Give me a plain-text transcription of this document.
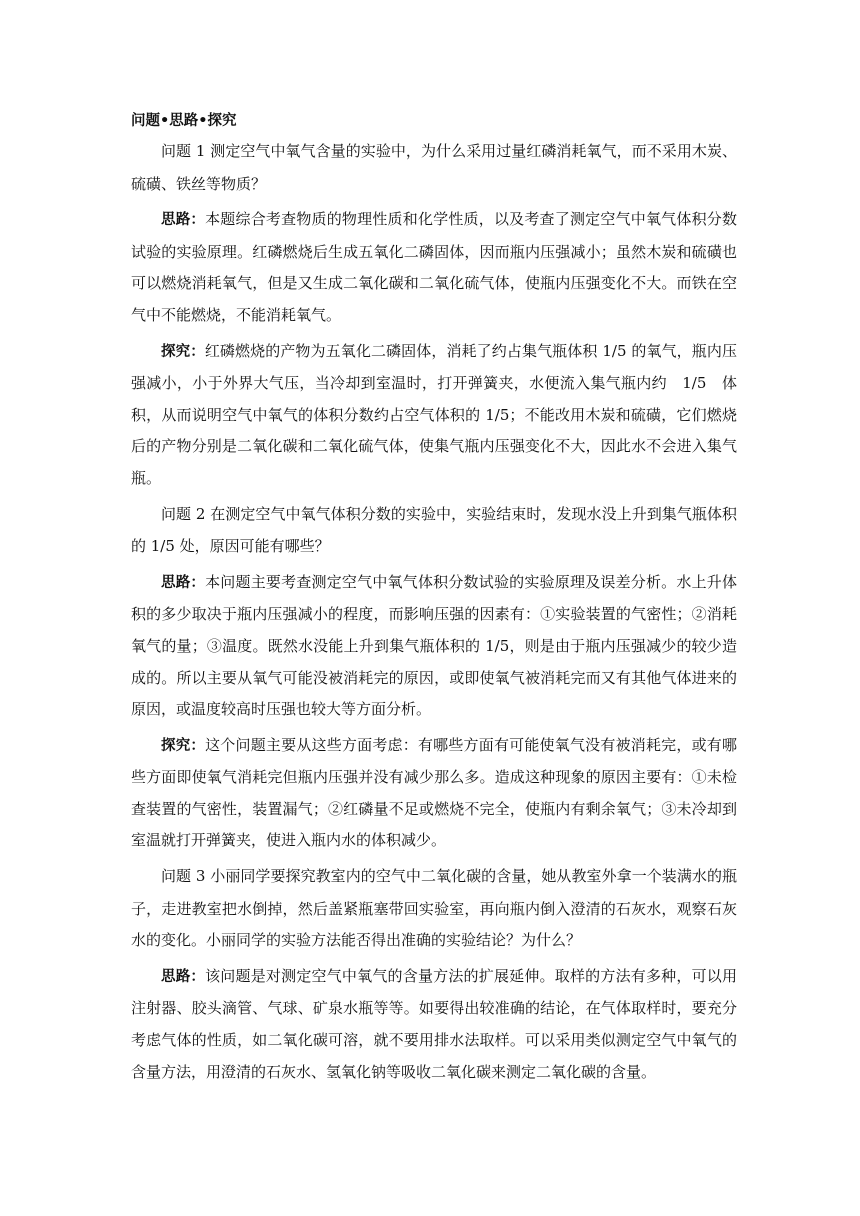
问题•思路•探究

问题 1 测定空气中氧气含量的实验中，为什么采用过量红磷消耗氧气，而不采用木炭、硫磺、铁丝等物质？

思路：本题综合考查物质的物理性质和化学性质，以及考查了测定空气中氧气体积分数试验的实验原理。红磷燃烧后生成五氧化二磷固体，因而瓶内压强减小；虽然木炭和硫磺也可以燃烧消耗氧气，但是又生成二氧化碳和二氧化硫气体，使瓶内压强变化不大。而铁在空气中不能燃烧，不能消耗氧气。

探究：红磷燃烧的产物为五氧化二磷固体，消耗了约占集气瓶体积 1/5 的氧气，瓶内压强减小，小于外界大气压，当冷却到室温时，打开弹簧夹，水便流入集气瓶内约　1/5　体积，从而说明空气中氧气的体积分数约占空气体积的 1/5；不能改用木炭和硫磺，它们燃烧后的产物分别是二氧化碳和二氧化硫气体，使集气瓶内压强变化不大，因此水不会进入集气瓶。

问题 2 在测定空气中氧气体积分数的实验中，实验结束时，发现水没上升到集气瓶体积的 1/5 处，原因可能有哪些？

思路：本问题主要考查测定空气中氧气体积分数试验的实验原理及误差分析。水上升体积的多少取决于瓶内压强减小的程度，而影响压强的因素有：①实验装置的气密性；②消耗氧气的量；③温度。既然水没能上升到集气瓶体积的 1/5，则是由于瓶内压强减少的较少造成的。所以主要从氧气可能没被消耗完的原因，或即使氧气被消耗完而又有其他气体进来的原因，或温度较高时压强也较大等方面分析。

探究：这个问题主要从这些方面考虑：有哪些方面有可能使氧气没有被消耗完，或有哪些方面即使氧气消耗完但瓶内压强并没有减少那么多。造成这种现象的原因主要有：①未检查装置的气密性，装置漏气；②红磷量不足或燃烧不完全，使瓶内有剩余氧气；③未冷却到室温就打开弹簧夹，使进入瓶内水的体积减少。

问题 3 小丽同学要探究教室内的空气中二氧化碳的含量，她从教室外拿一个装满水的瓶子，走进教室把水倒掉，然后盖紧瓶塞带回实验室，再向瓶内倒入澄清的石灰水，观察石灰水的变化。小丽同学的实验方法能否得出准确的实验结论？为什么？

思路：该问题是对测定空气中氧气的含量方法的扩展延伸。取样的方法有多种，可以用注射器、胶头滴管、气球、矿泉水瓶等等。如要得出较准确的结论，在气体取样时，要充分考虑气体的性质，如二氧化碳可溶，就不要用排水法取样。可以采用类似测定空气中氧气的含量方法，用澄清的石灰水、氢氧化钠等吸收二氧化碳来测定二氧化碳的含量。
